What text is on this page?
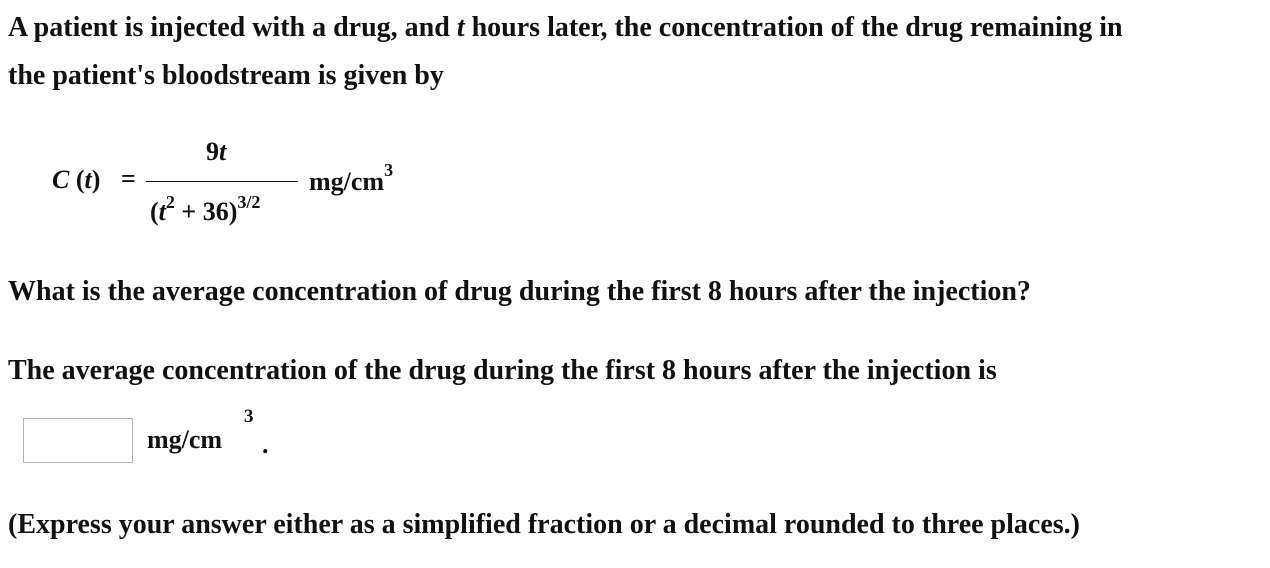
A patient is injected with a drug, and t hours later, the concentration of the drug remaining in
the patient's bloodstream is given by
C (t) =
9t
$(t^2 + 36)^{3/2}$
$mg/cm^3$
What is the average concentration of drug during the first 8 hours after the injection?
The average concentration of the drug during the first 8 hours after the injection is
mg/cm
3
.
(Express your answer either as a simplified fraction or a decimal rounded to three places.)
